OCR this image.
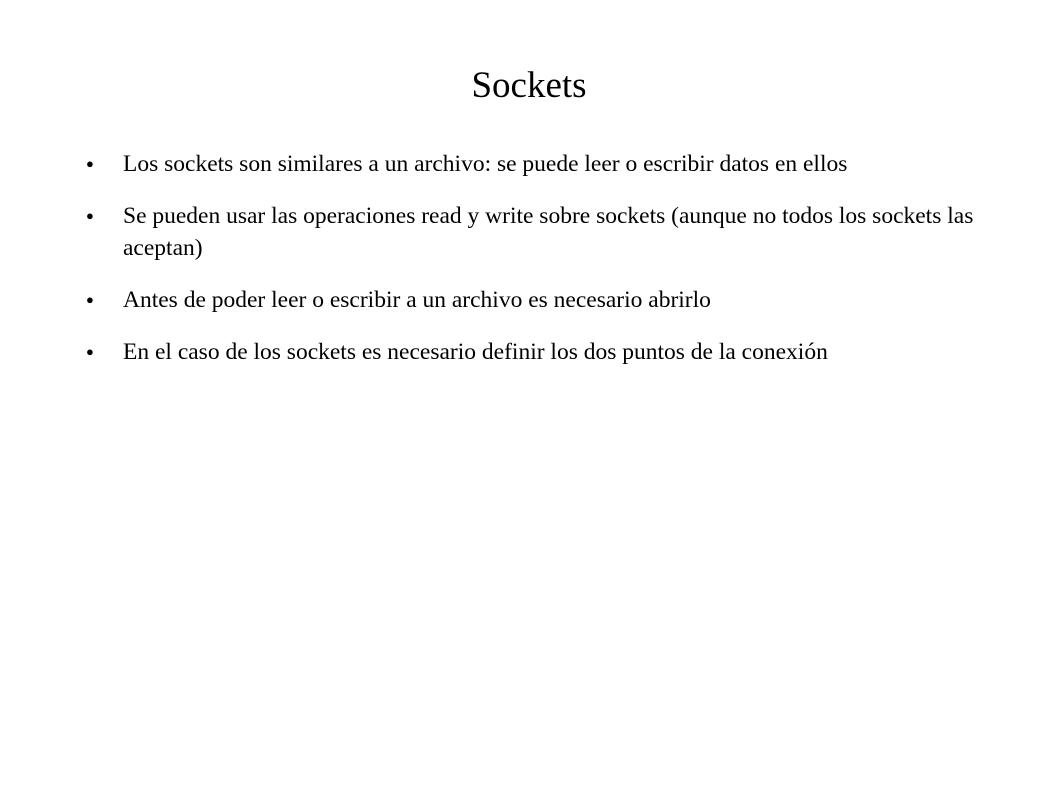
Sockets
● Los sockets son similares a un archivo: se puede leer o escribir datos en ellos
● Se pueden usar las operaciones read y write sobre sockets (aunque no todos los sockets las aceptan)
● Antes de poder leer o escribir a un archivo es necesario abrirlo
● En el caso de los sockets es necesario definir los dos puntos de la conexión
